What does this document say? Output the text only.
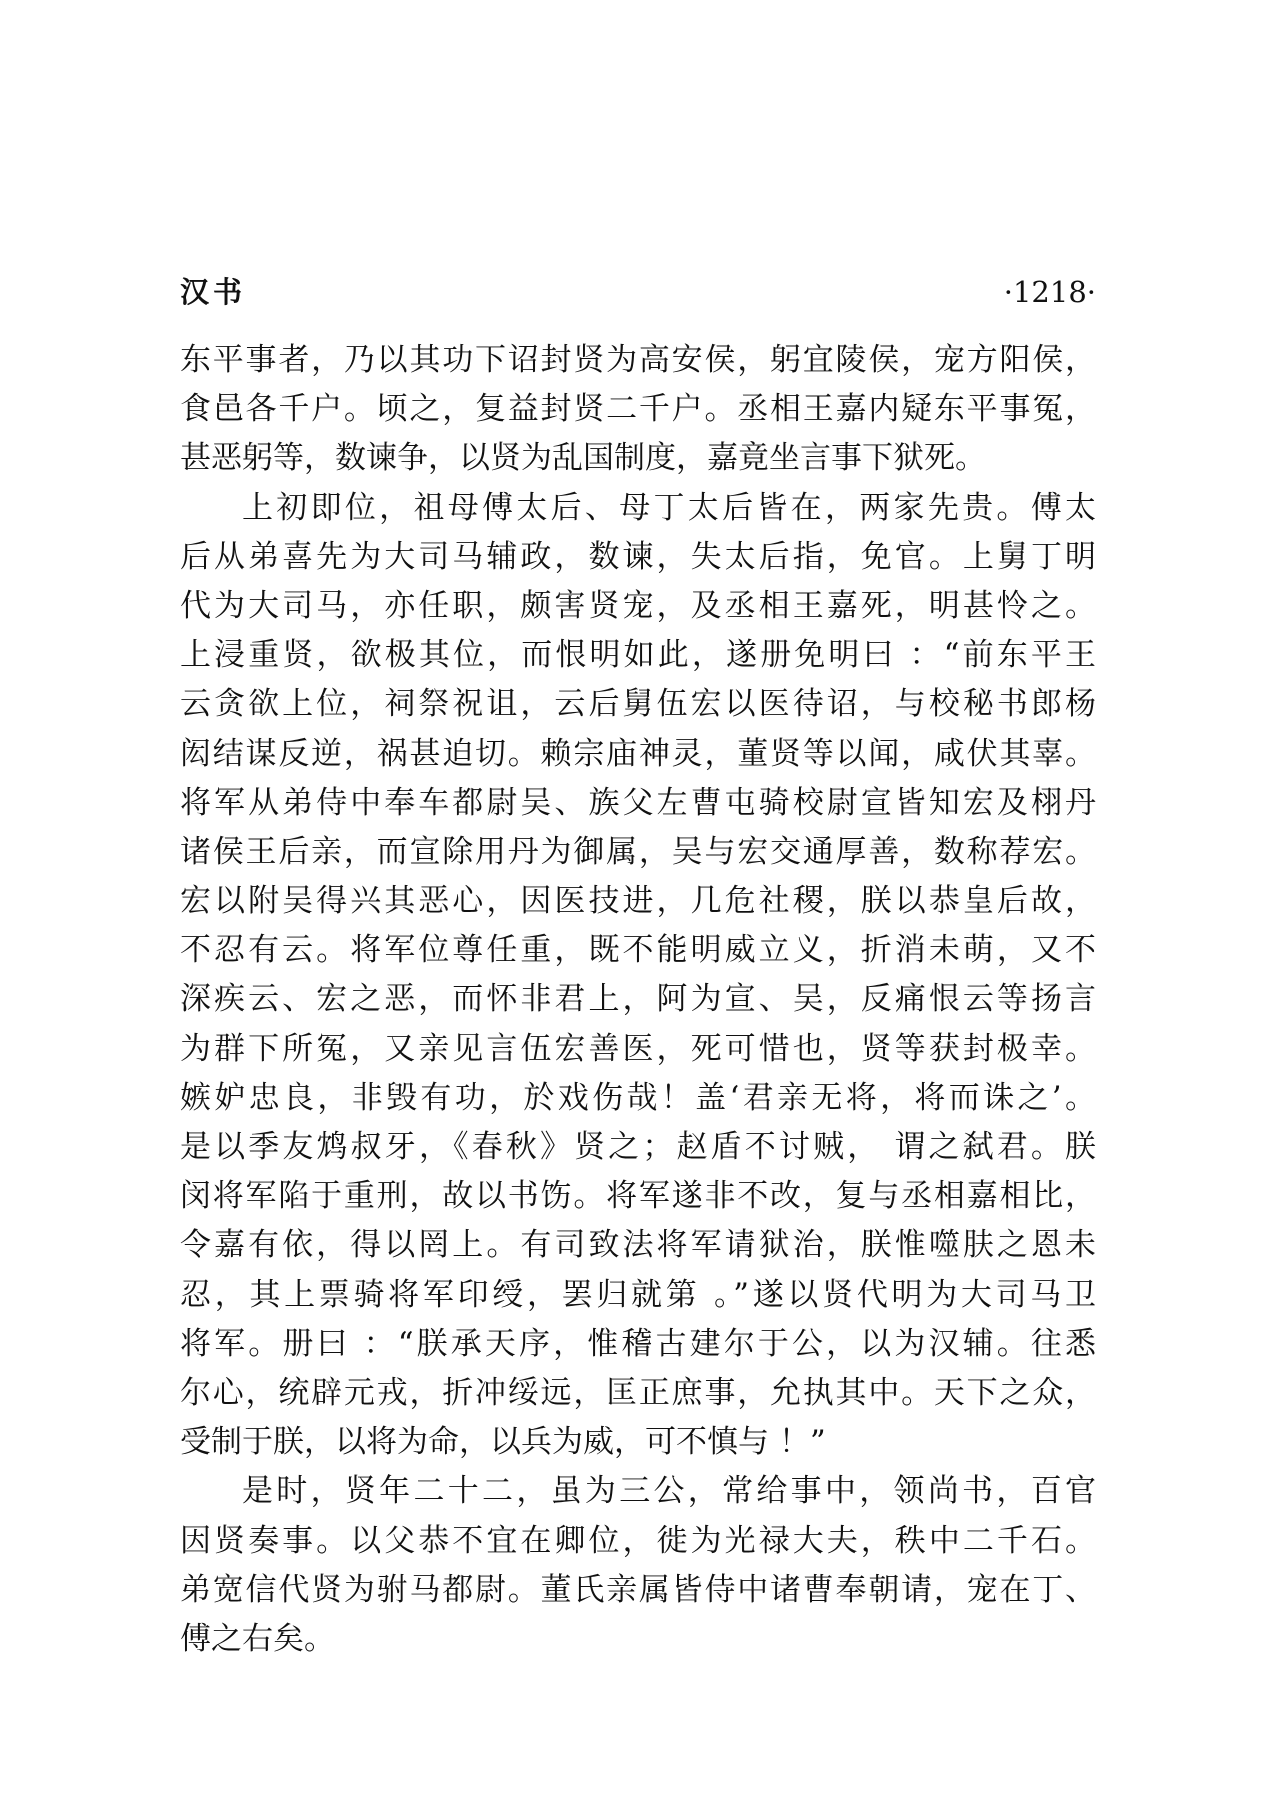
汉书	·1218·
东平事者，乃以其功下诏封贤为高安侯，躬宜陵侯，宠方阳侯，
食邑各千户。顷之，复益封贤二千户。丞相王嘉内疑东平事冤，
甚恶躬等，数谏争，以贤为乱国制度，嘉竟坐言事下狱死。
上初即位，祖母傅太后、母丁太后皆在，两家先贵。傅太
后从弟喜先为大司马辅政，数谏，失太后指，免官。上舅丁明
代为大司马，亦任职，颇害贤宠，及丞相王嘉死，明甚怜之。
上浸重贤，欲极其位，而恨明如此，遂册免明曰 ：“前东平王
云贪欲上位，祠祭祝诅，云后舅伍宏以医待诏，与校秘书郎杨
闳结谋反逆，祸甚迫切。赖宗庙神灵，董贤等以闻，咸伏其辜。
将军从弟侍中奉车都尉吴、族父左曹屯骑校尉宣皆知宏及栩丹
诸侯王后亲，而宣除用丹为御属，吴与宏交通厚善，数称荐宏。
宏以附吴得兴其恶心，因医技进，几危社稷，朕以恭皇后故，
不忍有云。将军位尊任重，既不能明威立义，折消未萌，又不
深疾云、宏之恶，而怀非君上，阿为宣、吴，反痛恨云等扬言
为群下所冤，又亲见言伍宏善医，死可惜也，贤等获封极幸。
嫉妒忠良，非毁有功，於戏伤哉！盖‘君亲无将，将而诛之’。
是以季友鸩叔牙，《春秋》贤之；赵盾不讨贼， 谓之弑君。朕
闵将军陷于重刑，故以书饬。将军遂非不改，复与丞相嘉相比，
令嘉有依，得以罔上。有司致法将军请狱治，朕惟噬肤之恩未
忍，其上票骑将军印绶，罢归就第 。”遂以贤代明为大司马卫
将军。册曰 ：“朕承天序，惟稽古建尔于公，以为汉辅。往悉
尔心，统辟元戎，折冲绥远，匡正庶事，允执其中。天下之众，
受制于朕，以将为命，以兵为威，可不慎与 ！”
是时，贤年二十二，虽为三公，常给事中，领尚书，百官
因贤奏事。以父恭不宜在卿位，徙为光禄大夫，秩中二千石。
弟宽信代贤为驸马都尉。董氏亲属皆侍中诸曹奉朝请，宠在丁、
傅之右矣。
